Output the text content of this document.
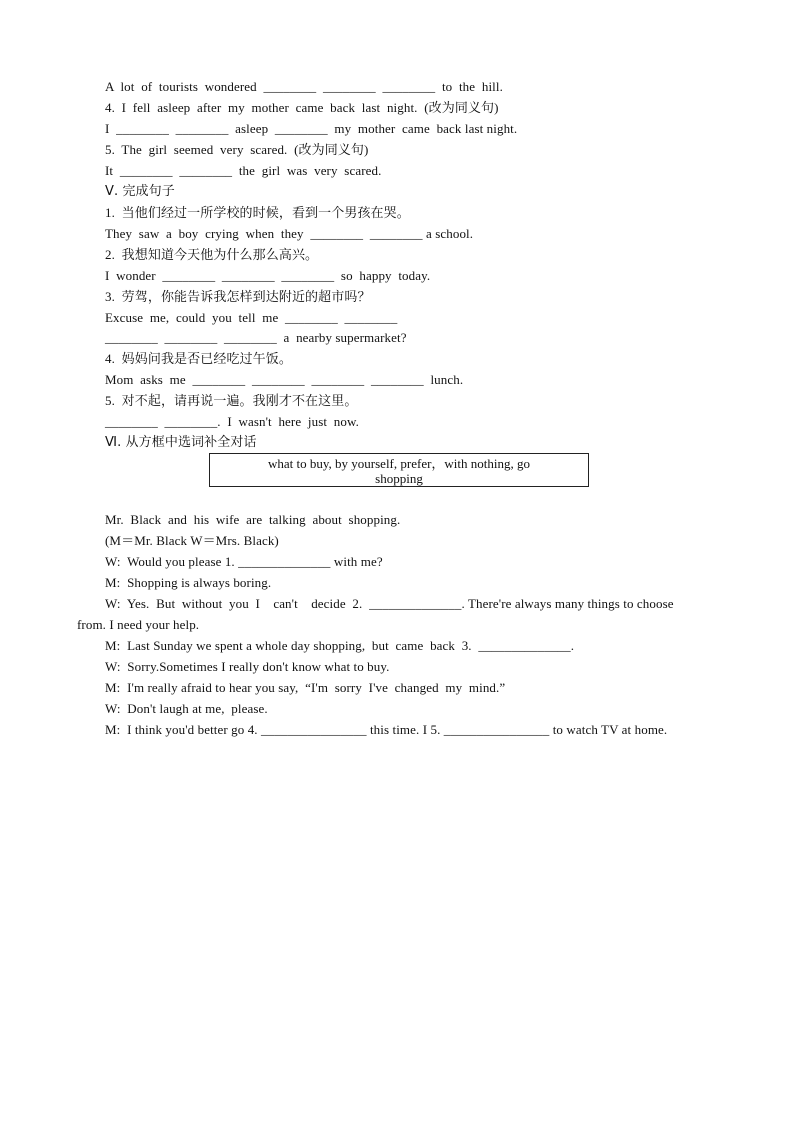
A  lot  of  tourists  wondered  ________  ________  ________  to  the  hill.
4.  I  fell  asleep  after  my  mother  came  back  last  night.  (改为同义句)
I  ________  ________  asleep  ________  my  mother  came  back last night.
5.  The  girl  seemed  very  scared.  (改为同义句)
It  ________  ________  the  girl  was  very  scared.
Ⅴ. 完成句子
1.  当他们经过一所学校的时候，看到一个男孩在哭。
They  saw  a  boy  crying  when  they  ________  ________ a school.
2.  我想知道今天他为什么那么高兴。
I  wonder  ________  ________  ________  so  happy  today.
3.  劳驾，你能告诉我怎样到达附近的超市吗？
Excuse  me,  could  you  tell  me  ________  ________
________  ________  ________  a  nearby supermarket?
4.  妈妈问我是否已经吃过午饭。
Mom  asks  me  ________  ________  ________  ________  lunch.
5.  对不起，请再说一遍。我刚才不在这里。
________  ________.  I  wasn't  here  just  now.
Ⅵ. 从方框中选词补全对话
what to buy, by yourself, prefer，with nothing, go
shopping
Mr.  Black  and  his  wife  are  talking  about  shopping.
(M＝Mr. Black W＝Mrs. Black)
W:  Would you please 1. ______________ with me?
M:  Shopping is always boring.
W:  Yes.  But  without  you  I    can't    decide  2.  ______________. There're always many things to choose
from. I need your help.
M:  Last Sunday we spent a whole day shopping,  but  came  back  3.  ______________.
W:  Sorry.Sometimes I really don't know what to buy.
M:  I'm really afraid to hear you say,  “I'm  sorry  I've  changed  my  mind.”
W:  Don't laugh at me,  please.
M:  I think you'd better go 4. ________________ this time. I 5. ________________ to watch TV at home.
